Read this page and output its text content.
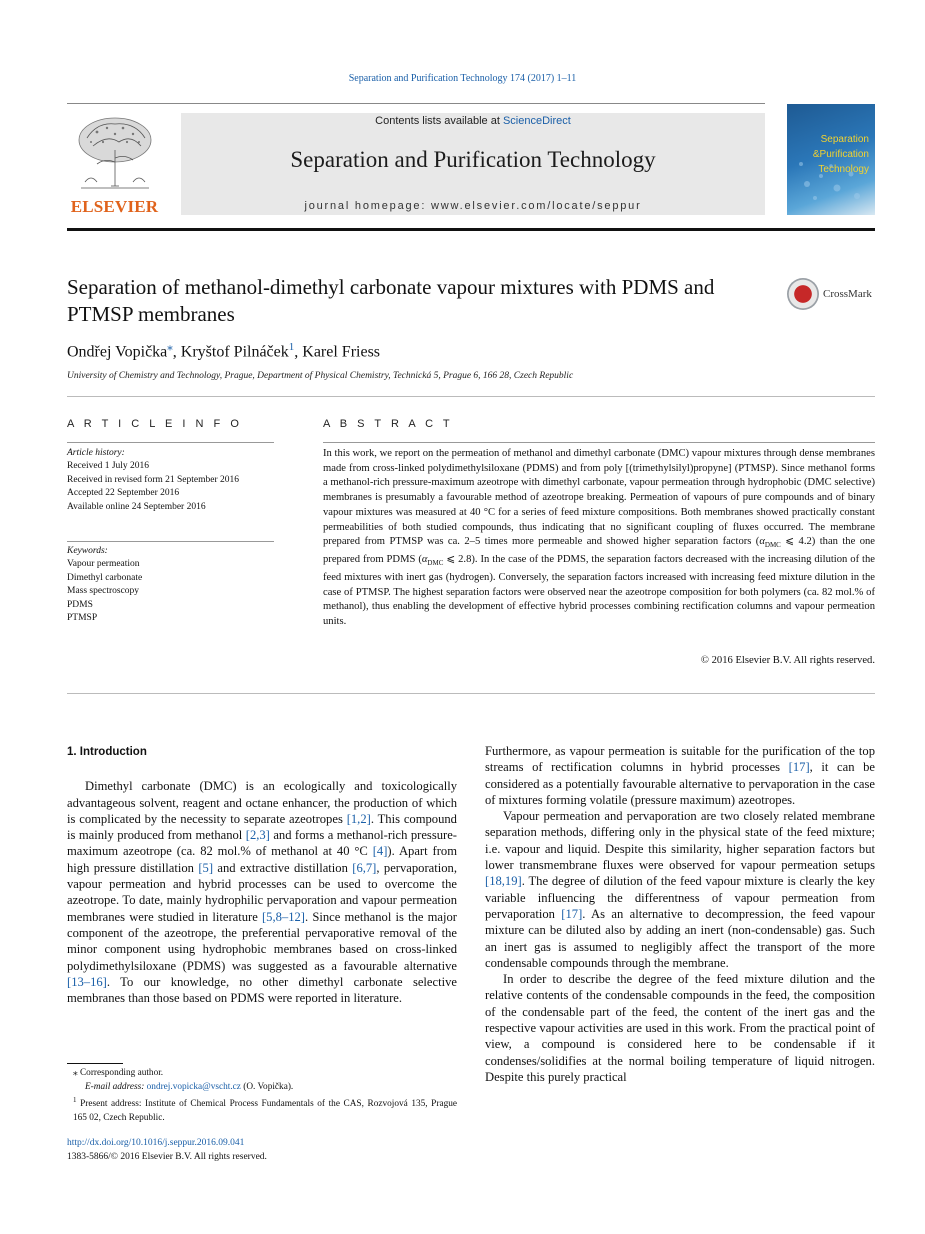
Separation and Purification Technology 174 (2017) 1–11
ELSEVIER
Contents lists available at ScienceDirect
Separation and Purification Technology
journal homepage: www.elsevier.com/locate/seppur
Separation
&Purification
Technology
Separation of methanol-dimethyl carbonate vapour mixtures with PDMS and PTMSP membranes
CrossMark
Ondřej Vopička⁎, Kryštof Pilnáček$^1$, Karel Friess
University of Chemistry and Technology, Prague, Department of Physical Chemistry, Technická 5, Prague 6, 166 28, Czech Republic
A R T I C L E I N F O
Article history:
Received 1 July 2016
Received in revised form 21 September 2016
Accepted 22 September 2016
Available online 24 September 2016
Keywords:
Vapour permeation
Dimethyl carbonate
Mass spectroscopy
PDMS
PTMSP
A B S T R A C T
In this work, we report on the permeation of methanol and dimethyl carbonate (DMC) vapour mixtures through dense membranes made from cross-linked polydimethylsiloxane (PDMS) and from poly [(trimethylsilyl)propyne] (PTMSP). Since methanol forms a methanol-rich pressure-maximum azeotrope with dimethyl carbonate, vapour permeation through hydrophobic (DMC selective) membranes is presumably a favourable method of azeotrope breaking. Permeation of vapours of pure compounds and of binary vapour mixtures was measured at 40 °C for a series of feed mixture compositions. Both membranes showed practically constant permeabilities of both studied compounds, thus indicating that no significant coupling of fluxes occurred. The membrane prepared from PTMSP was ca. 2–5 times more permeable and showed higher separation factors ($\alpha_{DMC}$ ⩽ 4.2) than the one prepared from PDMS ($\alpha_{DMC}$ ⩽ 2.8). In the case of the PDMS, the separation factors decreased with the increasing dilution of the feed mixtures with inert gas (hydrogen). Conversely, the separation factors increased with increasing feed mixture dilution in the case of PTMSP. The highest separation factors were observed near the azeotrope composition for both polymers (ca. 82 mol.% of methanol), thus enabling the development of effective hybrid processes combining rectification columns and vapour permeation units.
© 2016 Elsevier B.V. All rights reserved.
1. Introduction

Dimethyl carbonate (DMC) is an ecologically and toxicologically advantageous solvent, reagent and octane enhancer, the production of which is complicated by the necessity to separate azeotropes [1,2]. This compound is mainly produced from methanol [2,3] and forms a methanol-rich pressure-maximum azeotrope (ca. 82 mol.% of methanol at 40 °C [4]). Apart from high pressure distillation [5] and extractive distillation [6,7], pervaporation, vapour permeation and hybrid processes can be used to overcome the azeotrope. To date, mainly hydrophilic pervaporation and vapour permeation membranes were studied in literature [5,8–12]. Since methanol is the major component of the azeotrope, the preferential pervaporative removal of the minor component using hydrophobic membranes based on cross-linked polydimethylsiloxane (PDMS) was suggested as a favourable alternative [13–16]. To our knowledge, no other dimethyl carbonate selective membranes than those based on PDMS were reported in literature.

⁎ Corresponding author.
E-mail address: ondrej.vopicka@vscht.cz (O. Vopička).
$^1$ Present address: Institute of Chemical Process Fundamentals of the CAS, Rozvojová 135, Prague 165 02, Czech Republic.
http://dx.doi.org/10.1016/j.seppur.2016.09.041
1383-5866/© 2016 Elsevier B.V. All rights reserved.

Furthermore, as vapour permeation is suitable for the purification of the top streams of rectification columns in hybrid processes [17], it can be considered as a potentially favourable alternative to pervaporation in the case of mixtures forming volatile (pressure maximum) azeotropes.

Vapour permeation and pervaporation are two closely related membrane separation methods, differing only in the physical state of the feed mixture; i.e. vapour and liquid. Despite this similarity, higher separation factors but lower transmembrane fluxes were observed for vapour permeation setups [18,19]. The degree of dilution of the feed vapour mixture is clearly the key variable influencing the differentness of vapour permeation from pervaporation [17]. As an alternative to decompression, the feed vapour mixture can be diluted also by adding an inert (non-condensable) gas. Such an inert gas is assumed to negligibly affect the transport of the more condensable compounds through the membrane.

In order to describe the degree of the feed mixture dilution and the relative contents of the condensable compounds in the feed, the composition of the condensable part of the feed, the content of the inert gas and the respective vapour activities are used in this work. From the practical point of view, a compound is considered here to be condensable if it condenses/solidifies at the normal boiling temperature of liquid nitrogen. Despite this purely practical
